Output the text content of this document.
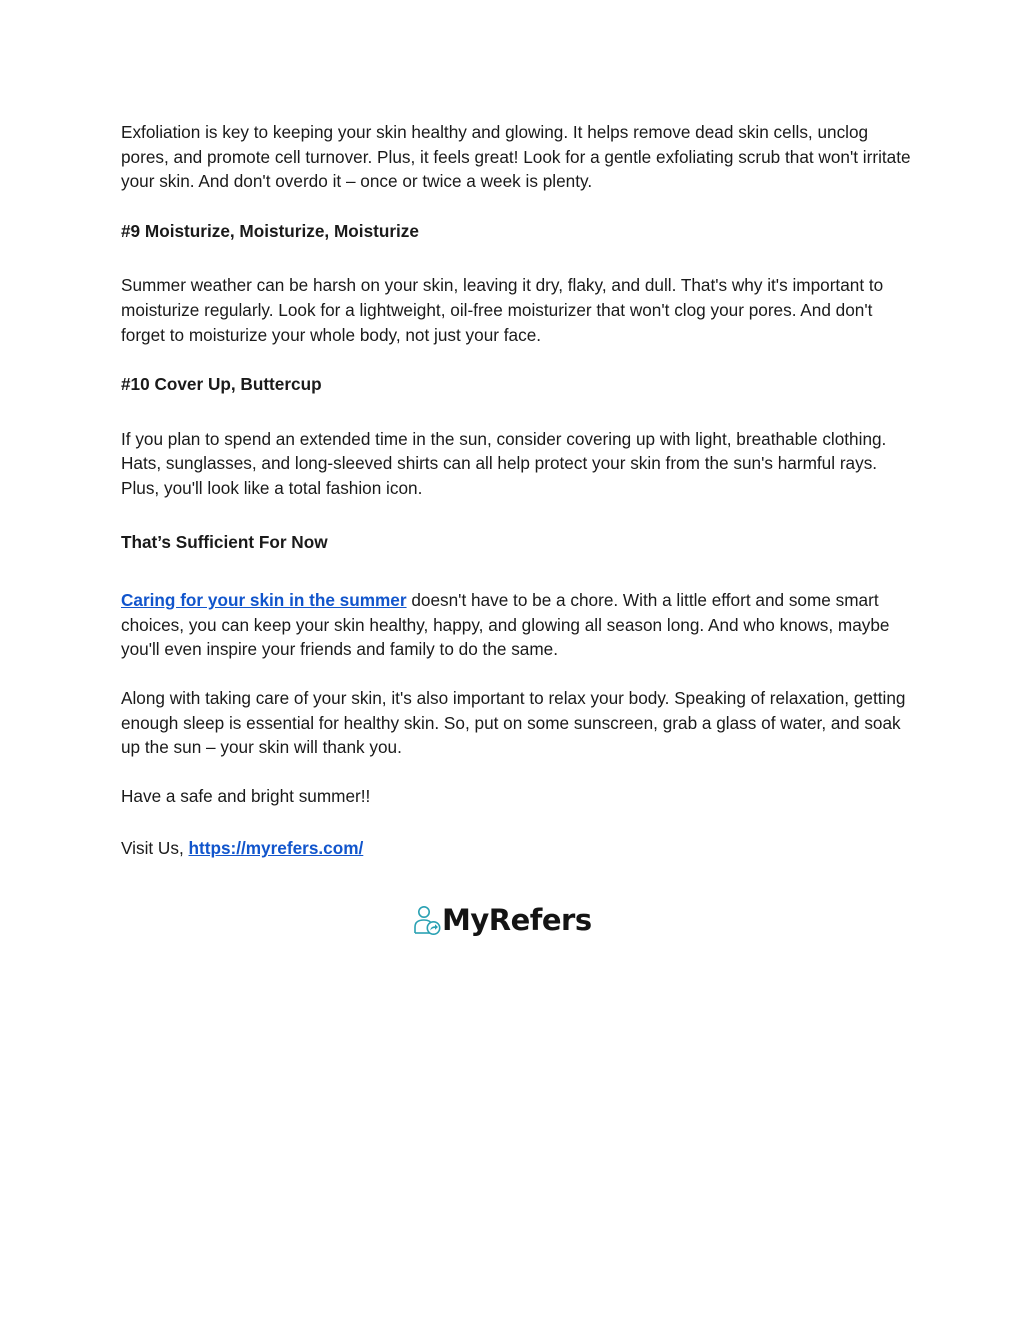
Exfoliation is key to keeping your skin healthy and glowing. It helps remove dead skin cells, unclog pores, and promote cell turnover. Plus, it feels great! Look for a gentle exfoliating scrub that won't irritate your skin. And don't overdo it – once or twice a week is plenty.

#9 Moisturize, Moisturize, Moisturize

Summer weather can be harsh on your skin, leaving it dry, flaky, and dull. That's why it's important to moisturize regularly. Look for a lightweight, oil-free moisturizer that won't clog your pores. And don't forget to moisturize your whole body, not just your face.

#10 Cover Up, Buttercup

If you plan to spend an extended time in the sun, consider covering up with light, breathable clothing. Hats, sunglasses, and long-sleeved shirts can all help protect your skin from the sun's harmful rays. Plus, you'll look like a total fashion icon.

That’s Sufficient For Now

Caring for your skin in the summer doesn't have to be a chore. With a little effort and some smart choices, you can keep your skin healthy, happy, and glowing all season long. And who knows, maybe you'll even inspire your friends and family to do the same.

Along with taking care of your skin, it's also important to relax your body. Speaking of relaxation, getting enough sleep is essential for healthy skin. So, put on some sunscreen, grab a glass of water, and soak up the sun – your skin will thank you.

Have a safe and bright summer!!

Visit Us, https://myrefers.com/

MyRefers
